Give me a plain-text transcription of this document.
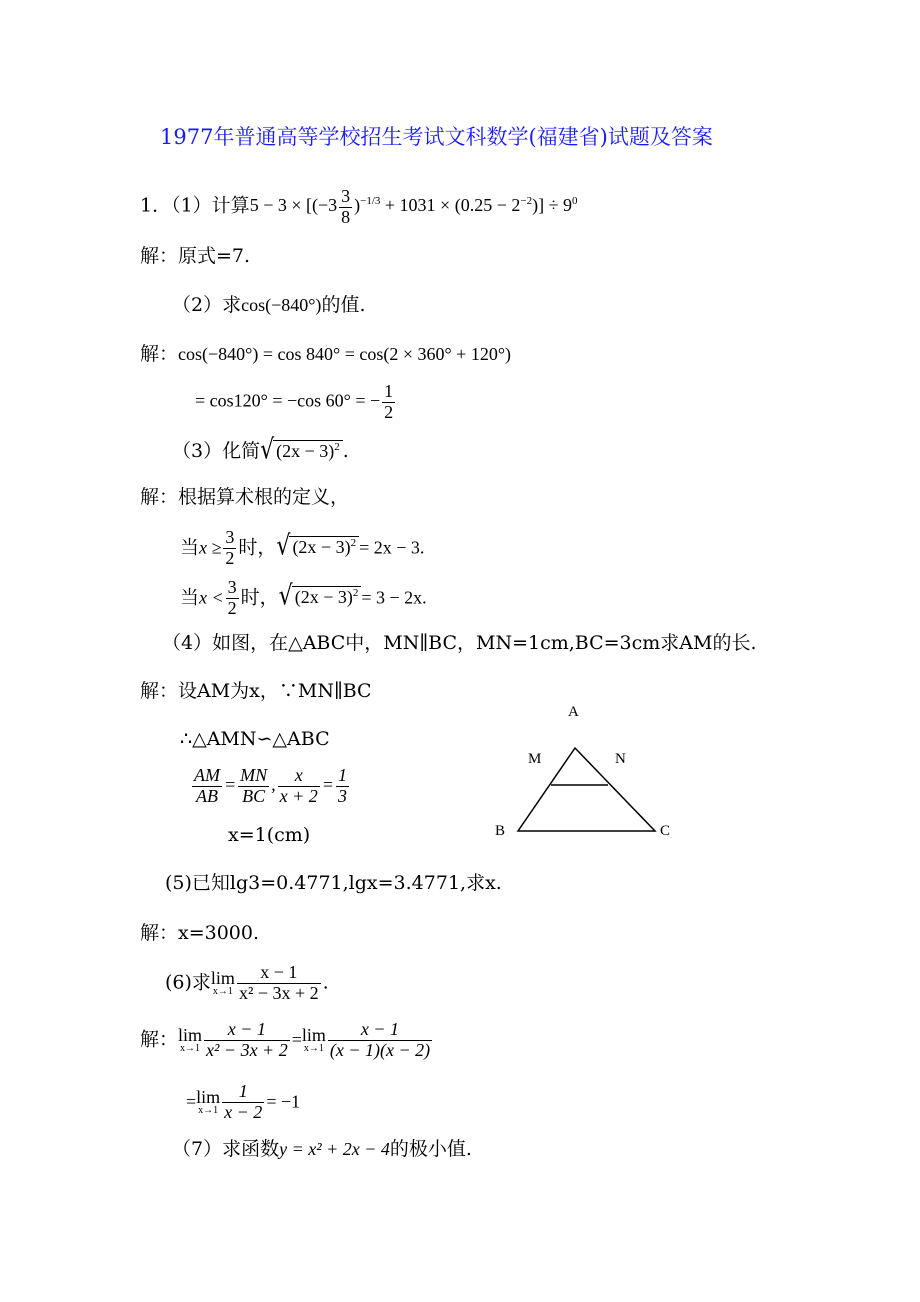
1977年普通高等学校招生考试文科数学(福建省)试题及答案
1．（1）计算$5 - 3 \times [(-3 \frac{3}{8} )^{-1/3} + 1031 \times (0.25 - 2^{-2})] \div 9^0$
解：原式=7.
（2）求cos(−840°)的值.
解：cos(−840°) = cos 840° = cos(2 × 360° + 120°)
= cos120° = −cos 60° = − $\frac{1}{2}$
（3）化简√ $(2x - 3)^2$ .
解：根据算术根的定义，
当$x \ge \frac{3}{2}$ 时，√ $(2x - 3)^2 = 2x - 3$.
当$x < \frac{3}{2}$ 时，√ $(2x - 3)^2 = 3 - 2x$.
（4）如图，在△ABC中，MN∥BC，MN=1cm,BC=3cm求AM的长.
解：设AM为x，∵MN∥BC
∴△AMN∽△ABC
$\frac{AM}{AB} = \frac{MN}{BC}$ , $\frac{x}{x + 2} = \frac{1}{3}$
x=1(cm)
A
M	N
B	C
(5)已知lg3=0.4771,lgx=3.4771,求x.
解：x=3000.
(6)求 lim
$x\to 1 \frac{x - 1}{\text{x² − 3x + 2}}$ .
解： lim
$x\to 1 \frac{x - 1}{\text{x² − 3x + 2}} = \lim$
$x\to 1 \frac{x - 1}{(x - 1)(x - 2)}$
= lim
$x\to 1 \frac{1}{x - 2} = -1$
（7）求函数y = x² + 2x − 4的极小值.
